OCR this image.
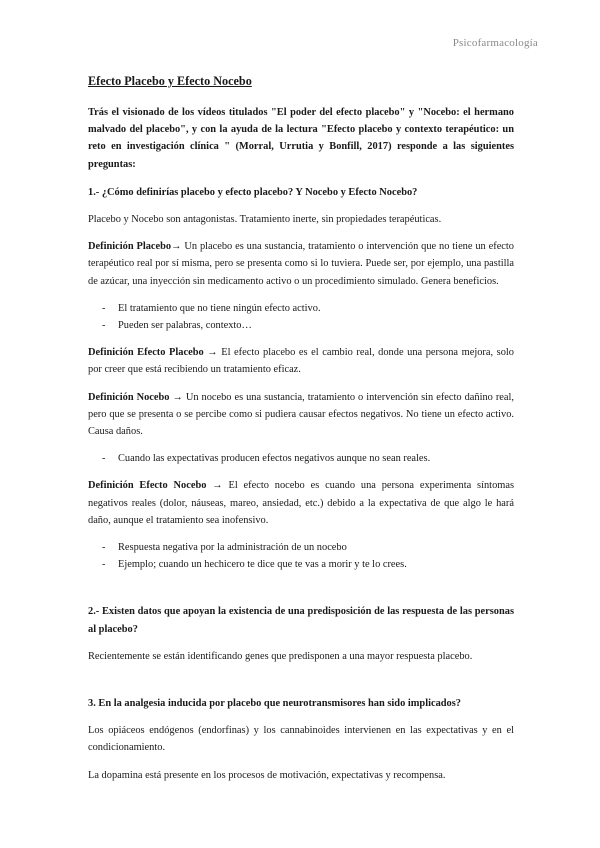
Psicofarmacología
Efecto Placebo y Efecto Nocebo
Trás el visionado de los vídeos titulados "El poder del efecto placebo" y "Nocebo: el hermano malvado del placebo", y con la ayuda de la lectura "Efecto placebo y contexto terapéutico: un reto en investigación clínica " (Morral, Urrutia y Bonfill, 2017) responde a las siguientes preguntas:
1.- ¿Cómo definirías placebo y efecto placebo? Y Nocebo y Efecto Nocebo?

Placebo y Nocebo son antagonistas. Tratamiento inerte, sin propiedades terapéuticas.

Definición Placebo→ Un placebo es una sustancia, tratamiento o intervención que no tiene un efecto terapéutico real por sí misma, pero se presenta como si lo tuviera. Puede ser, por ejemplo, una pastilla de azúcar, una inyección sin medicamento activo o un procedimiento simulado. Genera beneficios.

- El tratamiento que no tiene ningún efecto activo.
- Pueden ser palabras, contexto…

Definición Efecto Placebo → El efecto placebo es el cambio real, donde una persona mejora, solo por creer que está recibiendo un tratamiento eficaz.

Definición Nocebo → Un nocebo es una sustancia, tratamiento o intervención sin efecto dañino real, pero que se presenta o se percibe como si pudiera causar efectos negativos. No tiene un efecto activo. Causa daños.

- Cuando las expectativas producen efectos negativos aunque no sean reales.

Definición Efecto Nocebo → El efecto nocebo es cuando una persona experimenta síntomas negativos reales (dolor, náuseas, mareo, ansiedad, etc.) debido a la expectativa de que algo le hará daño, aunque el tratamiento sea inofensivo.

- Respuesta negativa por la administración de un nocebo
- Ejemplo; cuando un hechicero te dice que te vas a morir y te lo crees.
2.- Existen datos que apoyan la existencia de una predisposición de las respuesta de las personas al placebo?

Recientemente se están identificando genes que predisponen a una mayor respuesta placebo.

3. En la analgesia inducida por placebo que neurotransmisores han sido implicados?

Los opiáceos endógenos (endorfinas) y los cannabinoides intervienen en las expectativas y en el condicionamiento.

La dopamina está presente en los procesos de motivación, expectativas y recompensa.
